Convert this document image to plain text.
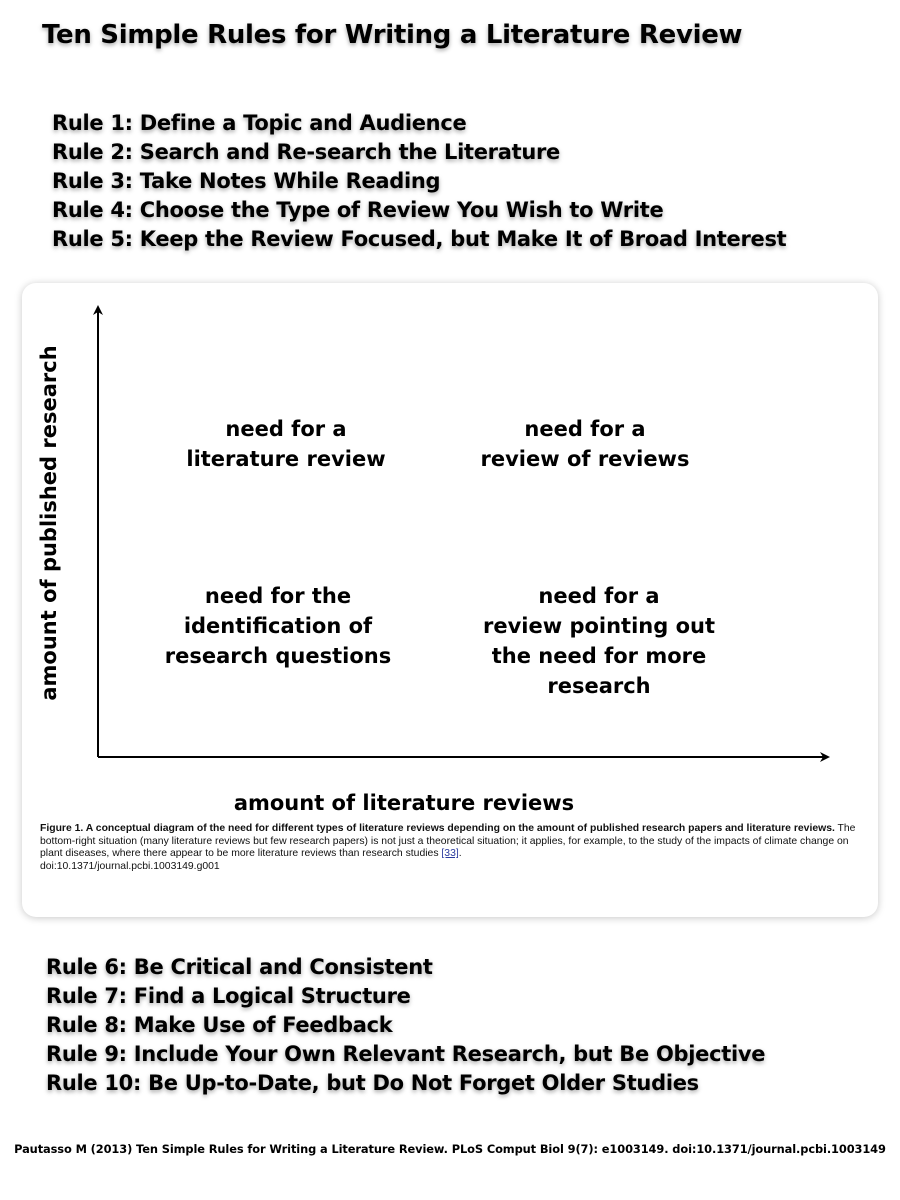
Ten Simple Rules for Writing a Literature Review
Rule 1: Define a Topic and Audience
Rule 2: Search and Re-search the Literature
Rule 3: Take Notes While Reading
Rule 4: Choose the Type of Review You Wish to Write
Rule 5: Keep the Review Focused, but Make It of Broad Interest
amount of published research
amount of literature reviews
need for a
literature review
need for a
review of reviews
need for the
identification of
research questions
need for a
review pointing out
the need for more
research
Figure 1. A conceptual diagram of the need for different types of literature reviews depending on the amount of published research papers and literature reviews. The bottom-right situation (many literature reviews but few research papers) is not just a theoretical situation; it applies, for example, to the study of the impacts of climate change on plant diseases, where there appear to be more literature reviews than research studies [33].
doi:10.1371/journal.pcbi.1003149.g001
Rule 6: Be Critical and Consistent
Rule 7: Find a Logical Structure
Rule 8: Make Use of Feedback
Rule 9: Include Your Own Relevant Research, but Be Objective
Rule 10: Be Up-to-Date, but Do Not Forget Older Studies
Pautasso M (2013) Ten Simple Rules for Writing a Literature Review. PLoS Comput Biol 9(7): e1003149. doi:10.1371/journal.pcbi.1003149
